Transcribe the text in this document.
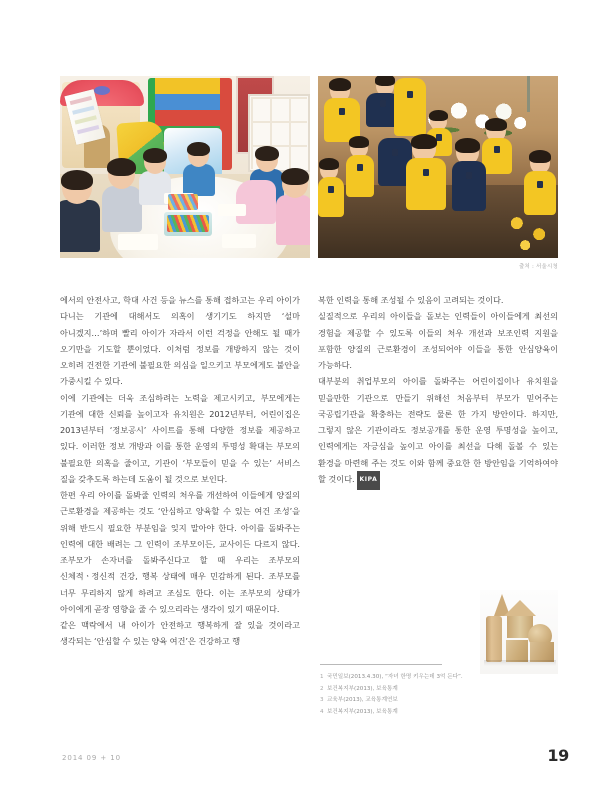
출처 : 서울시청

에서의 안전사고, 학대 사건 등을 뉴스를 통해 접하고는 우리 아이가 다니는 기관에 대해서도 의혹이 생기기도 하지만 ‘설마 아니겠지…’하며 빨리 아이가 자라서 이런 걱정을 안해도 될 때가 오기만을 기도할 뿐이었다. 이처럼 정보를 개방하지 않는 것이 오히려 건전한 기관에 불필요한 의심을 일으키고 부모에게도 불안을 가중시킬 수 있다.

이에 기관에는 더욱 조심하려는 노력을 제고시키고, 부모에게는 기관에 대한 신뢰를 높이고자 유치원은 2012년부터, 어린이집은 2013년부터 ‘정보공시’ 사이트를 통해 다양한 정보를 제공하고 있다. 이러한 정보 개방과 이를 통한 운영의 투명성 확대는 부모의 불필요한 의혹을 줄이고, 기관이 ‘부모들이 믿을 수 있는’ 서비스 질을 갖추도록 하는데 도움이 될 것으로 보인다.

한편 우리 아이를 돌봐줄 인력의 처우를 개선하여 이들에게 양질의 근로환경을 제공하는 것도 ‘안심하고 양육할 수 있는 여건 조성’을 위해 반드시 필요한 부분임을 잊지 말아야 한다. 아이를 돌봐주는 인력에 대한 배려는 그 인력이 조부모이든, 교사이든 다르지 않다. 조부모가 손자녀를 돌봐주신다고 할 때 우리는 조부모의 신체적ㆍ정신적 건강, 행복 상태에 매우 민감하게 된다. 조부모를 너무 무리하지 않게 하려고 조심도 한다. 이는 조부모의 상태가 아이에게 곧장 영향을 줄 수 있으리라는 생각이 있기 때문이다.

같은 맥락에서 내 아이가 안전하고 행복하게 잘 있을 것이라고 생각되는 ‘안심할 수 있는 양육 여건’은 건강하고 행

복한 인력을 통해 조성될 수 있음이 고려되는 것이다.

실질적으로 우리의 아이들을 돌보는 인력들이 아이들에게 최선의 경험을 제공할 수 있도록 이들의 처우 개선과 보조인력 지원을 포함한 양질의 근로환경이 조성되어야 이들을 통한 안심양육이 가능하다.

대부분의 취업부모의 아이를 돌봐주는 어린이집이나 유치원을 믿을만한 기관으로 만들기 위해선 처음부터 부모가 믿어주는 국공립기관을 확충하는 전략도 물론 한 가지 방안이다. 하지만, 그렇지 않은 기관이라도 정보공개를 통한 운영 투명성을 높이고, 인력에게는 자긍심을 높이고 아이를 최선을 다해 돌볼 수 있는 환경을 마련해 주는 것도 이와 함께 중요한 한 방안임을 기억하여야 할 것이다. KIPA

1 국민일보(2013.4.30), “자녀 한명 키우는데 3억 든다”.
2 보건복지부(2013), 보육통계
3 교육부(2013), 교육통계연보
4 보건복지부(2013), 보육통계
2014 09 + 10	19
